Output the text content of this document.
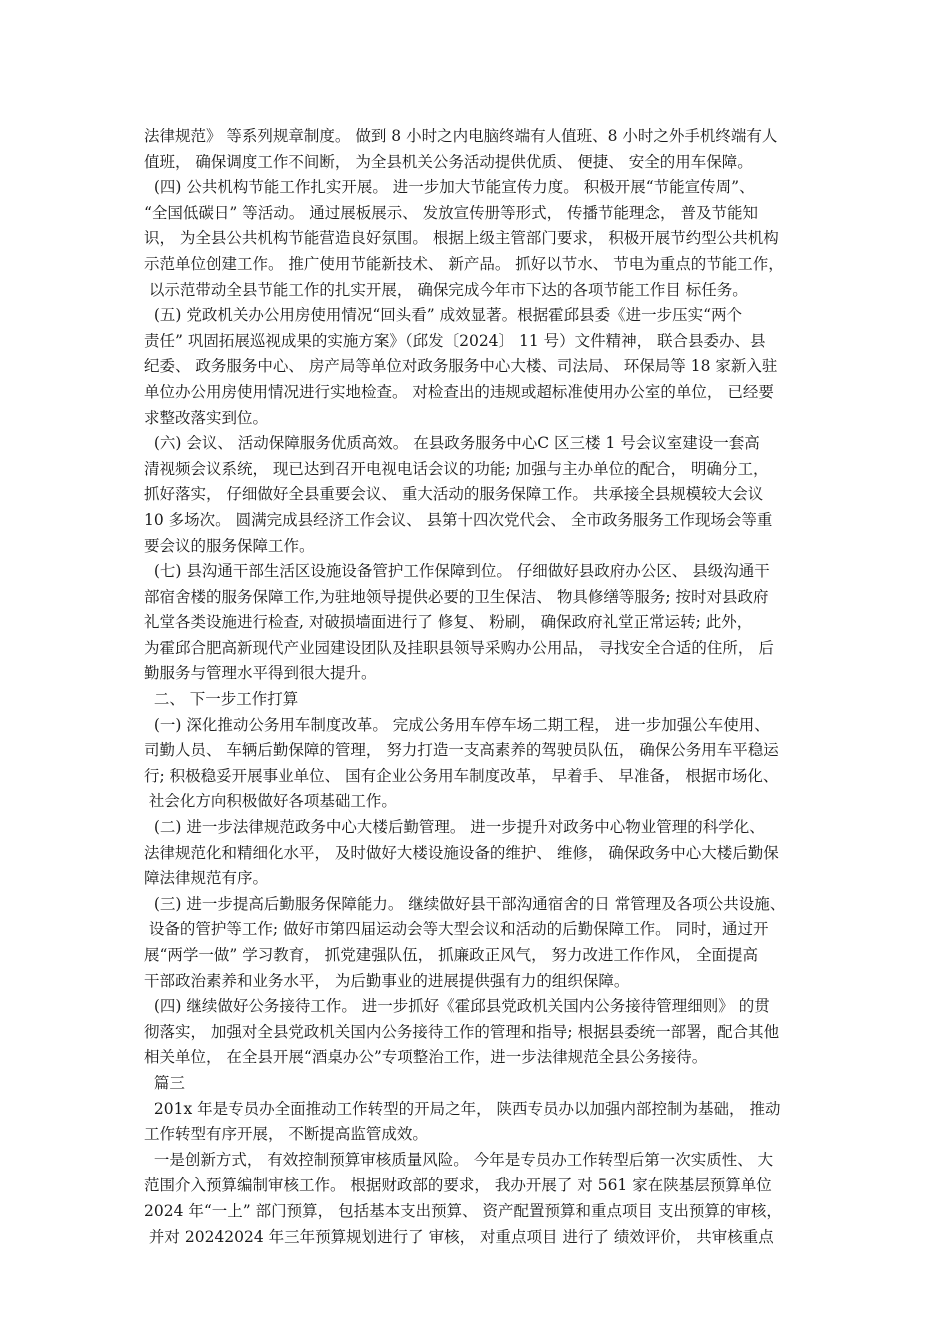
法律规范》 等系列规章制度。 做到 8 小时之内电脑终端有人值班、8 小时之外手机终端有人
值班， 确保调度工作不间断， 为全县机关公务活动提供优质、 便捷、 安全的用车保障。
(四) 公共机构节能工作扎实开展。 进一步加大节能宣传力度。 积极开展“节能宣传周”、
“全国低碳日” 等活动。 通过展板展示、 发放宣传册等形式， 传播节能理念， 普及节能知
识， 为全县公共机构节能营造良好氛围。 根据上级主管部门要求， 积极开展节约型公共机构
示范单位创建工作。 推广使用节能新技术、 新产品。 抓好以节水、 节电为重点的节能工作，
以示范带动全县节能工作的扎实开展， 确保完成今年市下达的各项节能工作目 标任务。
(五) 党政机关办公用房使用情况“回头看” 成效显著。根据霍邱县委《进一步压实“两个
责任” 巩固拓展巡视成果的实施方案》（邱发〔2024〕 11 号）文件精神， 联合县委办、县
纪委、 政务服务中心、 房产局等单位对政务服务中心大楼、司法局、 环保局等 18 家新入驻
单位办公用房使用情况进行实地检查。 对检查出的违规或超标准使用办公室的单位， 已经要
求整改落实到位。
(六) 会议、 活动保障服务优质高效。 在县政务服务中心C 区三楼 1 号会议室建设一套高
清视频会议系统， 现已达到召开电视电话会议的功能; 加强与主办单位的配合， 明确分工，
抓好落实， 仔细做好全县重要会议、 重大活动的服务保障工作。 共承接全县规模较大会议
10 多场次。 圆满完成县经济工作会议、 县第十四次党代会、 全市政务服务工作现场会等重
要会议的服务保障工作。
(七) 县沟通干部生活区设施设备管护工作保障到位。 仔细做好县政府办公区、 县级沟通干
部宿舍楼的服务保障工作,为驻地领导提供必要的卫生保洁、 物具修缮等服务; 按时对县政府
礼堂各类设施进行检查, 对破损墙面进行了 修复、 粉刷， 确保政府礼堂正常运转; 此外，
为霍邱合肥高新现代产业园建设团队及挂职县领导采购办公用品， 寻找安全合适的住所， 后
勤服务与管理水平得到很大提升。
二、 下一步工作打算
(一) 深化推动公务用车制度改革。 完成公务用车停车场二期工程， 进一步加强公车使用、
司勤人员、 车辆后勤保障的管理， 努力打造一支高素养的驾驶员队伍， 确保公务用车平稳运
行; 积极稳妥开展事业单位、 国有企业公务用车制度改革， 早着手、 早准备， 根据市场化、
社会化方向积极做好各项基础工作。
(二) 进一步法律规范政务中心大楼后勤管理。 进一步提升对政务中心物业管理的科学化、
法律规范化和精细化水平， 及时做好大楼设施设备的维护、 维修， 确保政务中心大楼后勤保
障法律规范有序。
(三) 进一步提高后勤服务保障能力。 继续做好县干部沟通宿舍的日 常管理及各项公共设施、
设备的管护等工作; 做好市第四届运动会等大型会议和活动的后勤保障工作。 同时，通过开
展“两学一做” 学习教育， 抓党建强队伍， 抓廉政正风气， 努力改进工作作风， 全面提高
干部政治素养和业务水平， 为后勤事业的进展提供强有力的组织保障。
(四) 继续做好公务接待工作。 进一步抓好《霍邱县党政机关国内公务接待管理细则》 的贯
彻落实， 加强对全县党政机关国内公务接待工作的管理和指导; 根据县委统一部署，配合其他
相关单位， 在全县开展“酒桌办公”专项整治工作，进一步法律规范全县公务接待。
篇三
201x 年是专员办全面推动工作转型的开局之年， 陕西专员办以加强内部控制为基础， 推动
工作转型有序开展， 不断提高监管成效。
一是创新方式， 有效控制预算审核质量风险。 今年是专员办工作转型后第一次实质性、 大
范围介入预算编制审核工作。 根据财政部的要求， 我办开展了 对 561 家在陕基层预算单位
2024 年“一上” 部门预算， 包括基本支出预算、 资产配置预算和重点项目 支出预算的审核，
并对 20242024 年三年预算规划进行了 审核， 对重点项目 进行了 绩效评价， 共审核重点
